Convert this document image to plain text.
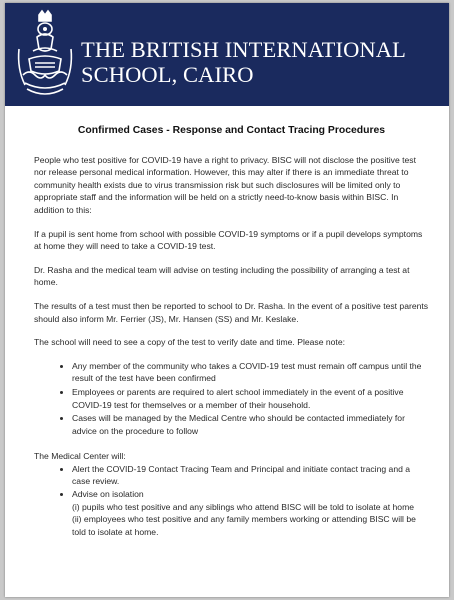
THE BRITISH INTERNATIONAL
SCHOOL, CAIRO
Confirmed Cases - Response and Contact Tracing Procedures

People who test positive for COVID-19 have a right to privacy. BISC will not disclose the positive test nor release personal medical information. However, this may alter if there is an immediate threat to community health exists due to virus transmission risk but such disclosures will be limited only to appropriate staff and the information will be held on a strictly need-to-know basis within BISC. In addition to this:

If a pupil is sent home from school with possible COVID-19 symptoms or if a pupil develops symptoms at home they will need to take a COVID-19 test.

Dr. Rasha and the medical team will advise on testing including the possibility of arranging a test at home.

The results of a test must then be reported to school to Dr. Rasha. In the event of a positive test parents should also inform Mr. Ferrier (JS), Mr. Hansen (SS) and Mr. Keslake.

The school will need to see a copy of the test to verify date and time. Please note:

• Any member of the community who takes a COVID-19 test must remain off campus until the result of the test have been confirmed
• Employees or parents are required to alert school immediately in the event of a positive COVID-19 test for themselves or a member of their household.
• Cases will be managed by the Medical Centre who should be contacted immediately for advice on the procedure to follow

The Medical Center will:

• Alert the COVID-19 Contact Tracing Team and Principal and initiate contact tracing and a case review.
• Advise on isolation
(i) pupils who test positive and any siblings who attend BISC will be told to isolate at home
(ii) employees who test positive and any family members working or attending BISC will be told to isolate at home.
